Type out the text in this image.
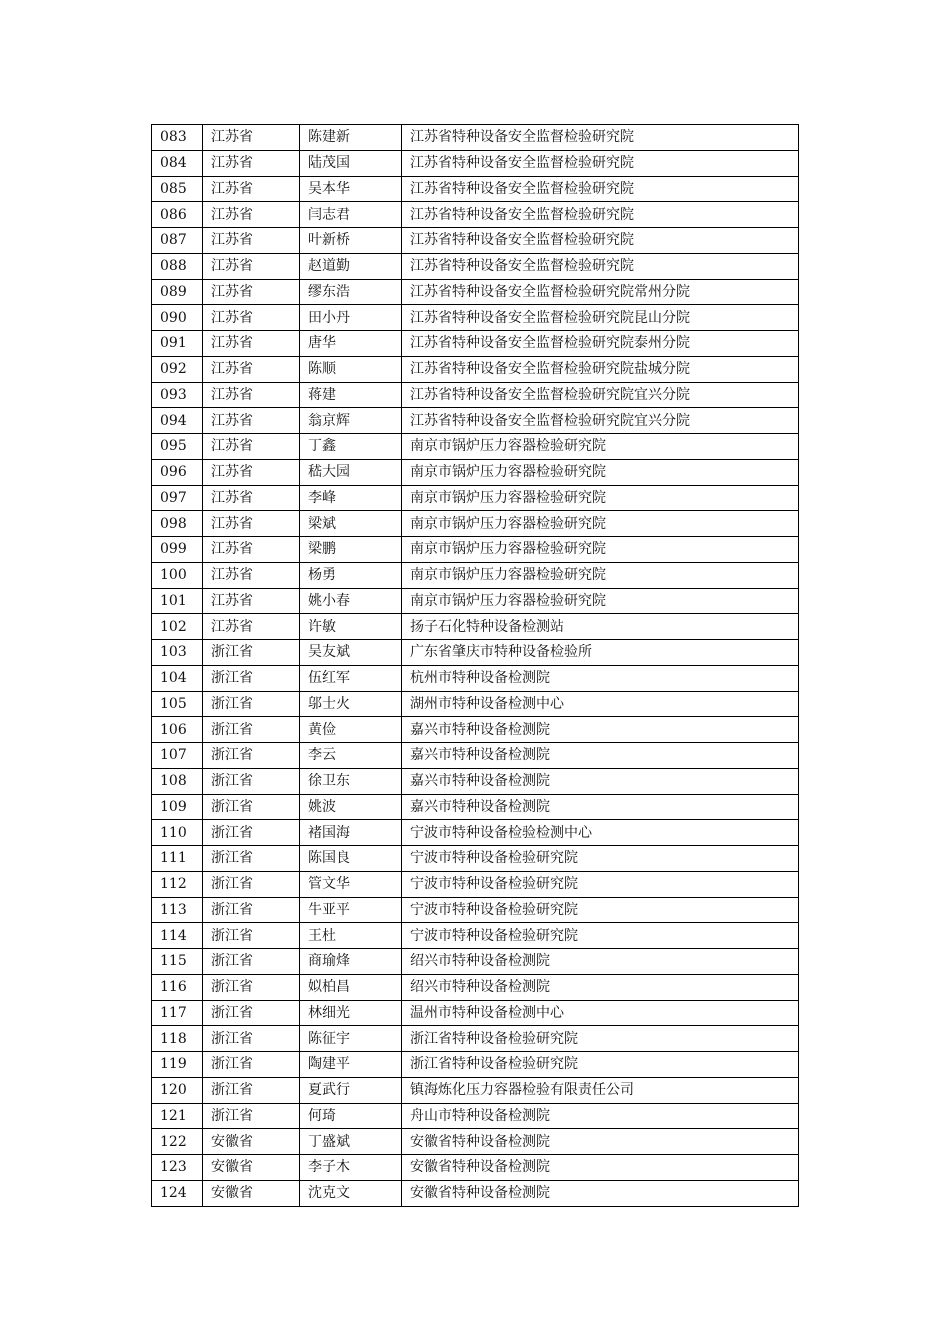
083	江苏省	陈建新	江苏省特种设备安全监督检验研究院
084	江苏省	陆茂国	江苏省特种设备安全监督检验研究院
085	江苏省	吴本华	江苏省特种设备安全监督检验研究院
086	江苏省	闫志君	江苏省特种设备安全监督检验研究院
087	江苏省	叶新桥	江苏省特种设备安全监督检验研究院
088	江苏省	赵道勤	江苏省特种设备安全监督检验研究院
089	江苏省	缪东浩	江苏省特种设备安全监督检验研究院常州分院
090	江苏省	田小丹	江苏省特种设备安全监督检验研究院昆山分院
091	江苏省	唐华	江苏省特种设备安全监督检验研究院泰州分院
092	江苏省	陈顺	江苏省特种设备安全监督检验研究院盐城分院
093	江苏省	蒋建	江苏省特种设备安全监督检验研究院宜兴分院
094	江苏省	翁京辉	江苏省特种设备安全监督检验研究院宜兴分院
095	江苏省	丁鑫	南京市锅炉压力容器检验研究院
096	江苏省	嵇大园	南京市锅炉压力容器检验研究院
097	江苏省	李峰	南京市锅炉压力容器检验研究院
098	江苏省	梁斌	南京市锅炉压力容器检验研究院
099	江苏省	梁鹏	南京市锅炉压力容器检验研究院
100	江苏省	杨勇	南京市锅炉压力容器检验研究院
101	江苏省	姚小春	南京市锅炉压力容器检验研究院
102	江苏省	许敏	扬子石化特种设备检测站
103	浙江省	吴友斌	广东省肇庆市特种设备检验所
104	浙江省	伍红军	杭州市特种设备检测院
105	浙江省	邬士火	湖州市特种设备检测中心
106	浙江省	黄俭	嘉兴市特种设备检测院
107	浙江省	李云	嘉兴市特种设备检测院
108	浙江省	徐卫东	嘉兴市特种设备检测院
109	浙江省	姚波	嘉兴市特种设备检测院
110	浙江省	褚国海	宁波市特种设备检验检测中心
111	浙江省	陈国良	宁波市特种设备检验研究院
112	浙江省	管文华	宁波市特种设备检验研究院
113	浙江省	牛亚平	宁波市特种设备检验研究院
114	浙江省	王杜	宁波市特种设备检验研究院
115	浙江省	商瑜烽	绍兴市特种设备检测院
116	浙江省	姒柏昌	绍兴市特种设备检测院
117	浙江省	林细光	温州市特种设备检测中心
118	浙江省	陈征宇	浙江省特种设备检验研究院
119	浙江省	陶建平	浙江省特种设备检验研究院
120	浙江省	夏武行	镇海炼化压力容器检验有限责任公司
121	浙江省	何琦	舟山市特种设备检测院
122	安徽省	丁盛斌	安徽省特种设备检测院
123	安徽省	李子木	安徽省特种设备检测院
124	安徽省	沈克文	安徽省特种设备检测院
